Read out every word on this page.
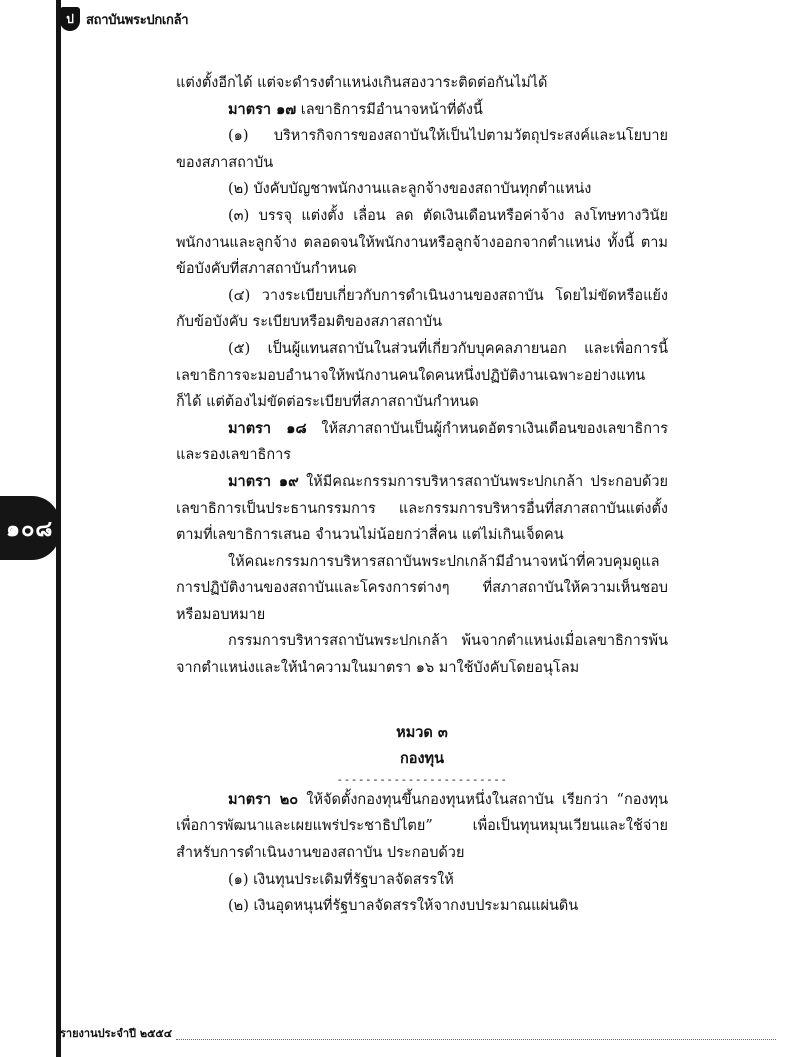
ป สถาบันพระปกเกล้า
๑๐๘

แต่งตั้งอีกได้ แต่จะดำรงตำแหน่งเกินสองวาระติดต่อกันไม่ได้

มาตรา ๑๗ เลขาธิการมีอำนาจหน้าที่ดังนี้

(๑) บริหารกิจการของสถาบันให้เป็นไปตามวัตถุประสงค์และนโยบายของสภาสถาบัน

(๒) บังคับบัญชาพนักงานและลูกจ้างของสถาบันทุกตำแหน่ง

(๓) บรรจุ แต่งตั้ง เลื่อน ลด ตัดเงินเดือนหรือค่าจ้าง ลงโทษทางวินัย พนักงานและลูกจ้าง ตลอดจนให้พนักงานหรือลูกจ้างออกจากตำแหน่ง ทั้งนี้ ตามข้อบังคับที่สภาสถาบันกำหนด

(๔) วางระเบียบเกี่ยวกับการดำเนินงานของสถาบัน โดยไม่ขัดหรือแย้งกับข้อบังคับ ระเบียบหรือมติของสภาสถาบัน

(๕) เป็นผู้แทนสถาบันในส่วนที่เกี่ยวกับบุคคลภายนอก และเพื่อการนี้ เลขาธิการจะมอบอำนาจให้พนักงานคนใดคนหนึ่งปฏิบัติงานเฉพาะอย่างแทนก็ได้ แต่ต้องไม่ขัดต่อระเบียบที่สภาสถาบันกำหนด

มาตรา ๑๘ ให้สภาสถาบันเป็นผู้กำหนดอัตราเงินเดือนของเลขาธิการและรองเลขาธิการ

มาตรา ๑๙ ให้มีคณะกรรมการบริหารสถาบันพระปกเกล้า ประกอบด้วย เลขาธิการเป็นประธานกรรมการ และกรรมการบริหารอื่นที่สภาสถาบันแต่งตั้งตามที่เลขาธิการเสนอ จำนวนไม่น้อยกว่าสี่คน แต่ไม่เกินเจ็ดคน

ให้คณะกรรมการบริหารสถาบันพระปกเกล้ามีอำนาจหน้าที่ควบคุมดูแลการปฏิบัติงานของสถาบันและโครงการต่างๆ ที่สภาสถาบันให้ความเห็นชอบ หรือมอบหมาย

กรรมการบริหารสถาบันพระปกเกล้า พ้นจากตำแหน่งเมื่อเลขาธิการพ้นจากตำแหน่งและให้นำความในมาตรา ๑๖ มาใช้บังคับโดยอนุโลม

หมวด ๓

กองทุน

------------------------

มาตรา ๒๐ ให้จัดตั้งกองทุนขึ้นกองทุนหนึ่งในสถาบัน เรียกว่า “กองทุนเพื่อการพัฒนาและเผยแพร่ประชาธิปไตย” เพื่อเป็นทุนหมุนเวียนและใช้จ่ายสำหรับการดำเนินงานของสถาบัน ประกอบด้วย

(๑) เงินทุนประเดิมที่รัฐบาลจัดสรรให้

(๒) เงินอุดหนุนที่รัฐบาลจัดสรรให้จากงบประมาณแผ่นดิน

รายงานประจำปี ๒๕๕๔
